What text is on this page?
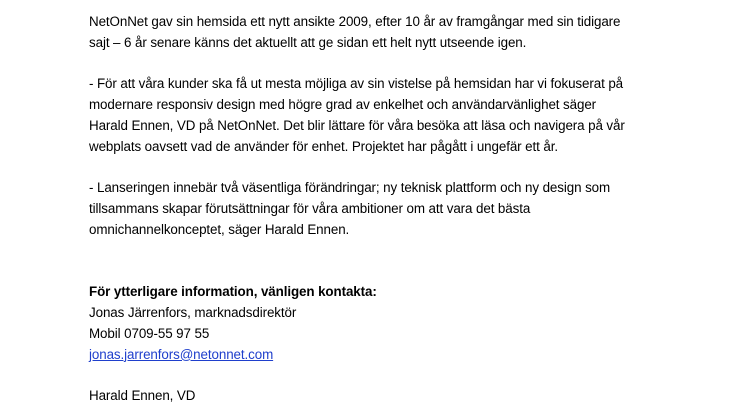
NetOnNet gav sin hemsida ett nytt ansikte 2009, efter 10 år av framgångar med sin tidigare
sajt – 6 år senare känns det aktuellt att ge sidan ett helt nytt utseende igen.
- För att våra kunder ska få ut mesta möjliga av sin vistelse på hemsidan har vi fokuserat på
modernare responsiv design med högre grad av enkelhet och användarvänlighet säger
Harald Ennen, VD på NetOnNet. Det blir lättare för våra besöka att läsa och navigera på vår
webplats oavsett vad de använder för enhet. Projektet har pågått i ungefär ett år.
- Lanseringen innebär två väsentliga förändringar; ny teknisk plattform och ny design som
tillsammans skapar förutsättningar för våra ambitioner om att vara det bästa
omnichannelkonceptet, säger Harald Ennen.
För ytterligare information, vänligen kontakta:
Jonas Järrenfors, marknadsdirektör
Mobil 0709-55 97 55
jonas.jarrenfors@netonnet.com
Harald Ennen, VD
